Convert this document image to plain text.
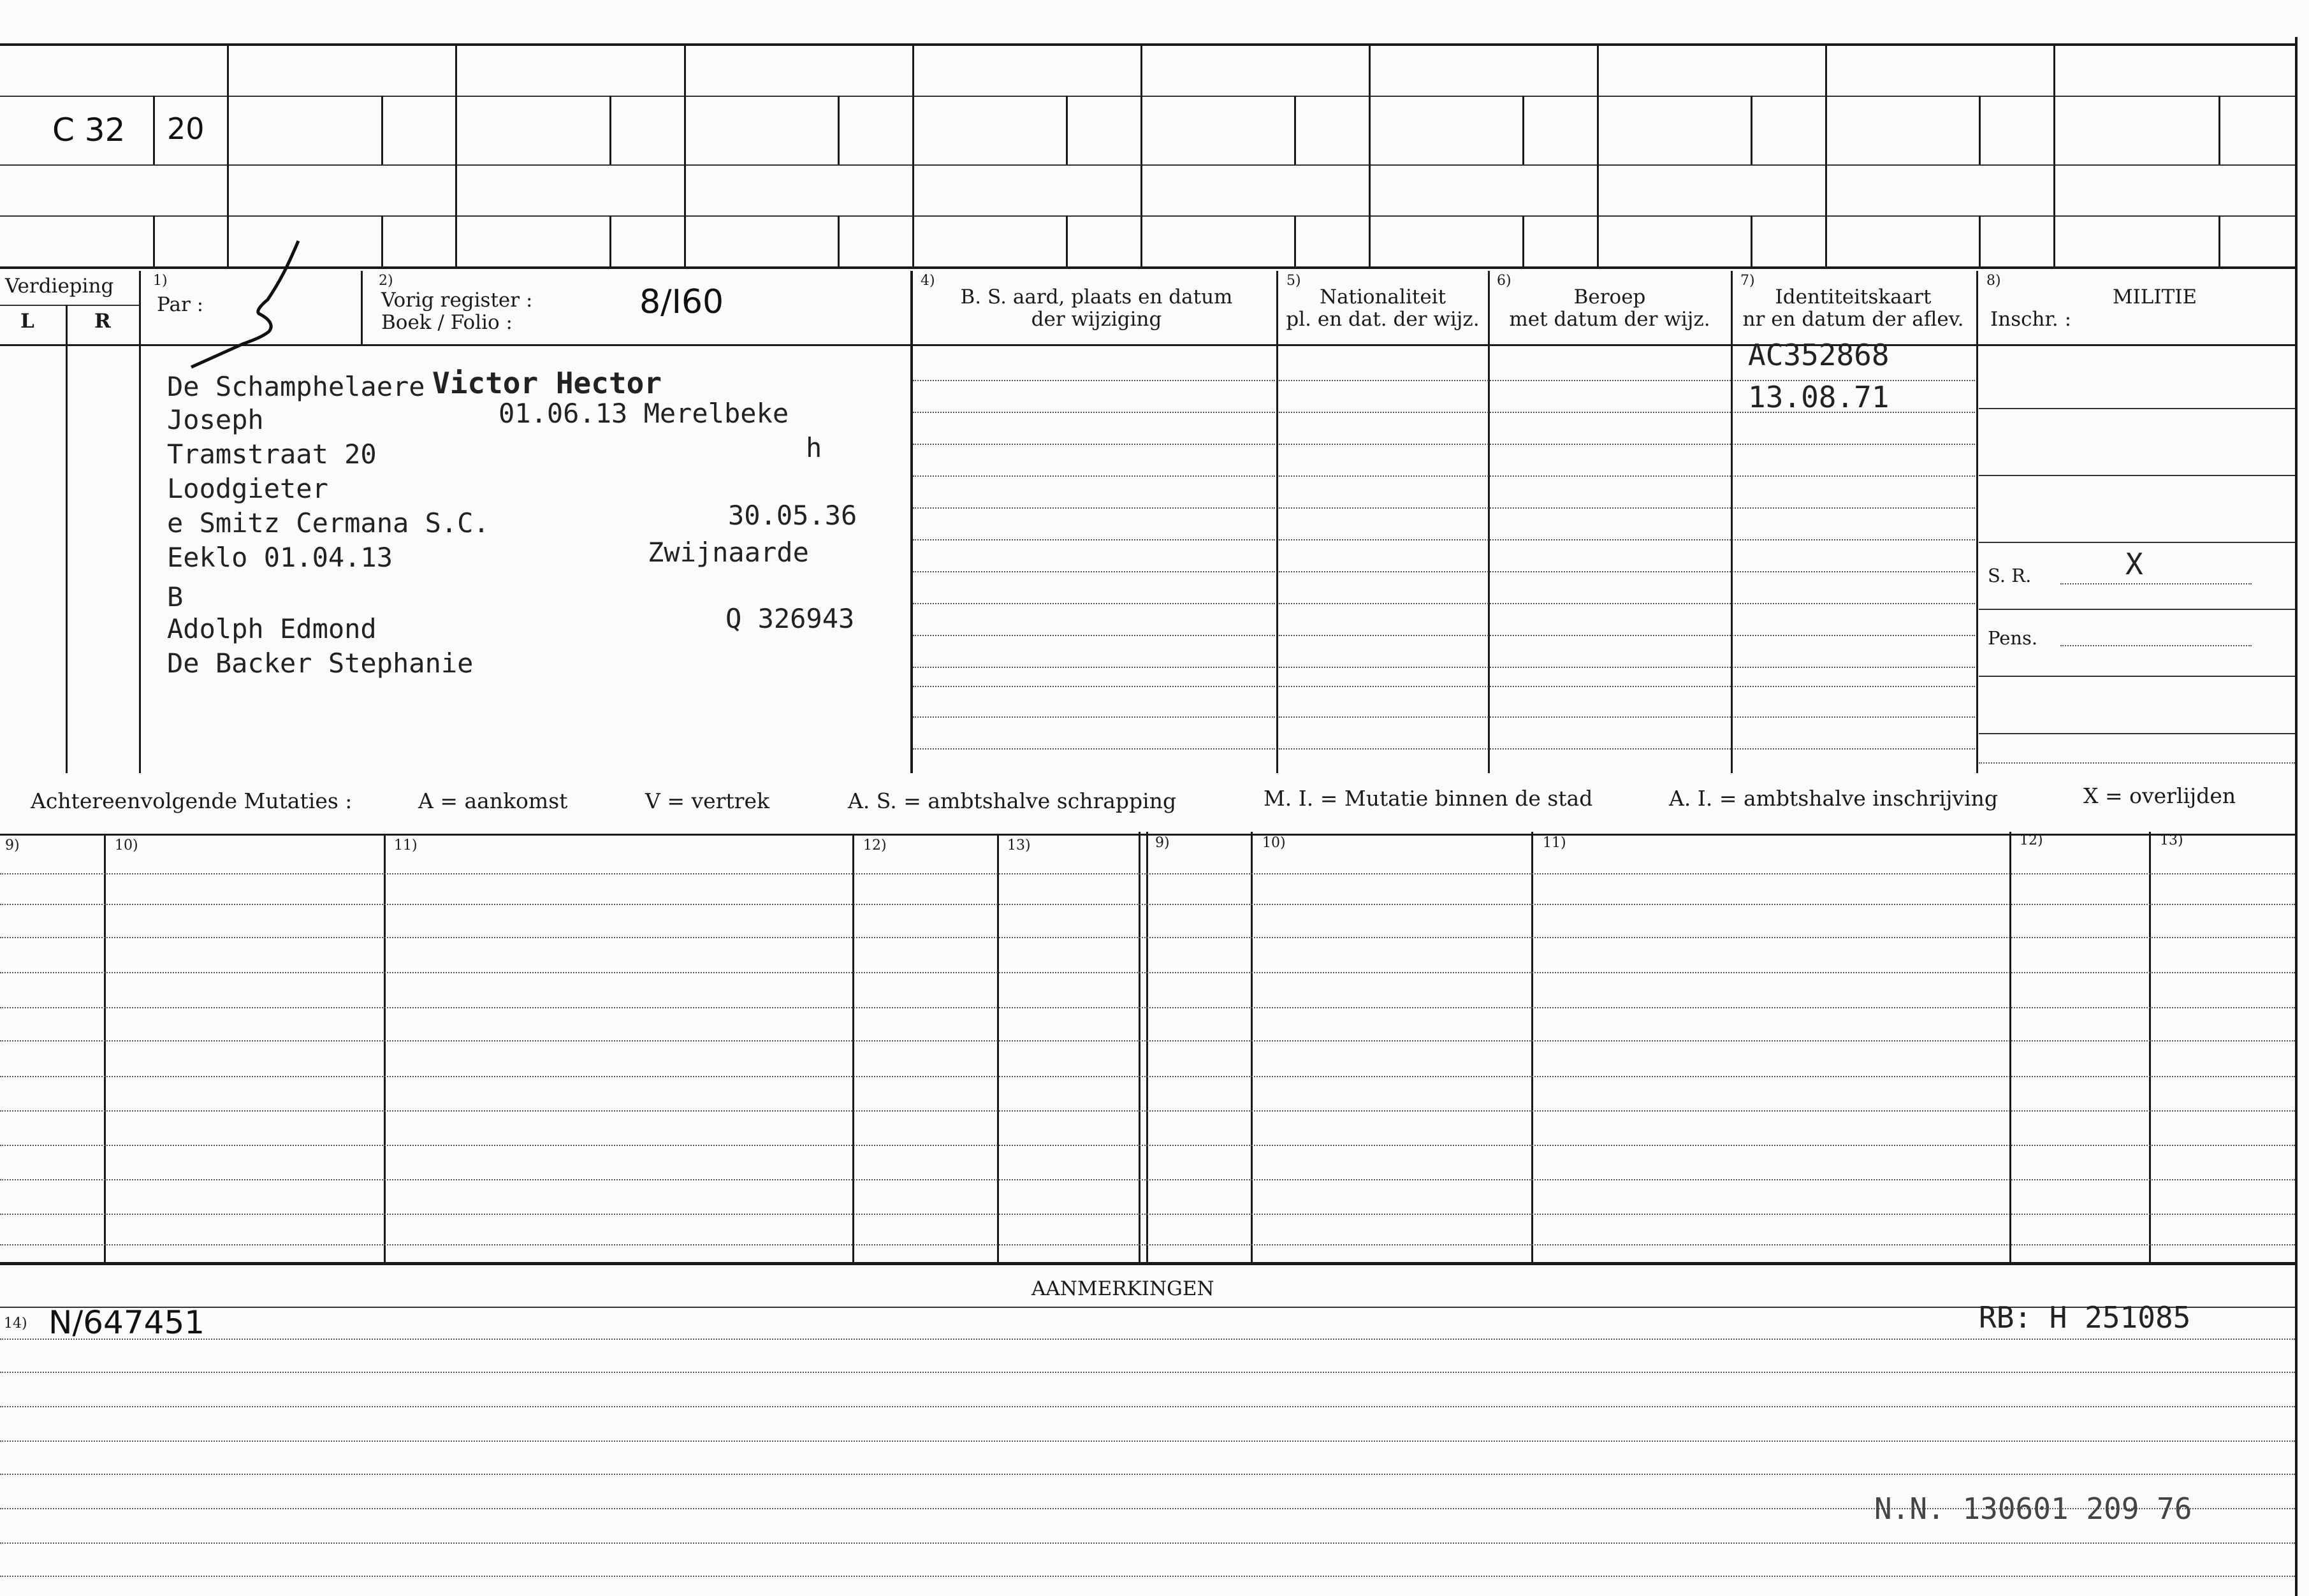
C 32 20
Verdieping
L	R
1)
Par :
2)
Vorig register :
Boek / Folio :
8/I60
4)
B. S. aard, plaats en datum
der wijziging
5)
Nationaliteit
pl. en dat. der wijz.
6)
Beroep
met datum der wijz.
7)
Identiteitskaart
nr en datum der aflev.
8)
MILITIE
Inschr. :
De Schamphelaere Victor Hector
Joseph	01.06.13 Merelbeke
Tramstraat 20	h
Loodgieter
e Smitz Cermana S.C.	30.05.36
Eeklo 01.04.13	Zwijnaarde
B
Adolph Edmond	Q 326943
De Backer Stephanie
AC352868
13.08.71
S. R.	X
Pens.
Achtereenvolgende Mutaties :	A = aankomst	V = vertrek	A. S. = ambtshalve schrapping	M. I. = Mutatie binnen de stad	A. I. = ambtshalve inschrijving	X = overlijden
9)	10)	11)	12)	13)	9)	10)	11)	12)	13)
AANMERKINGEN
14) N/647451	RB: H 251085
N.N. 130601 209 76
